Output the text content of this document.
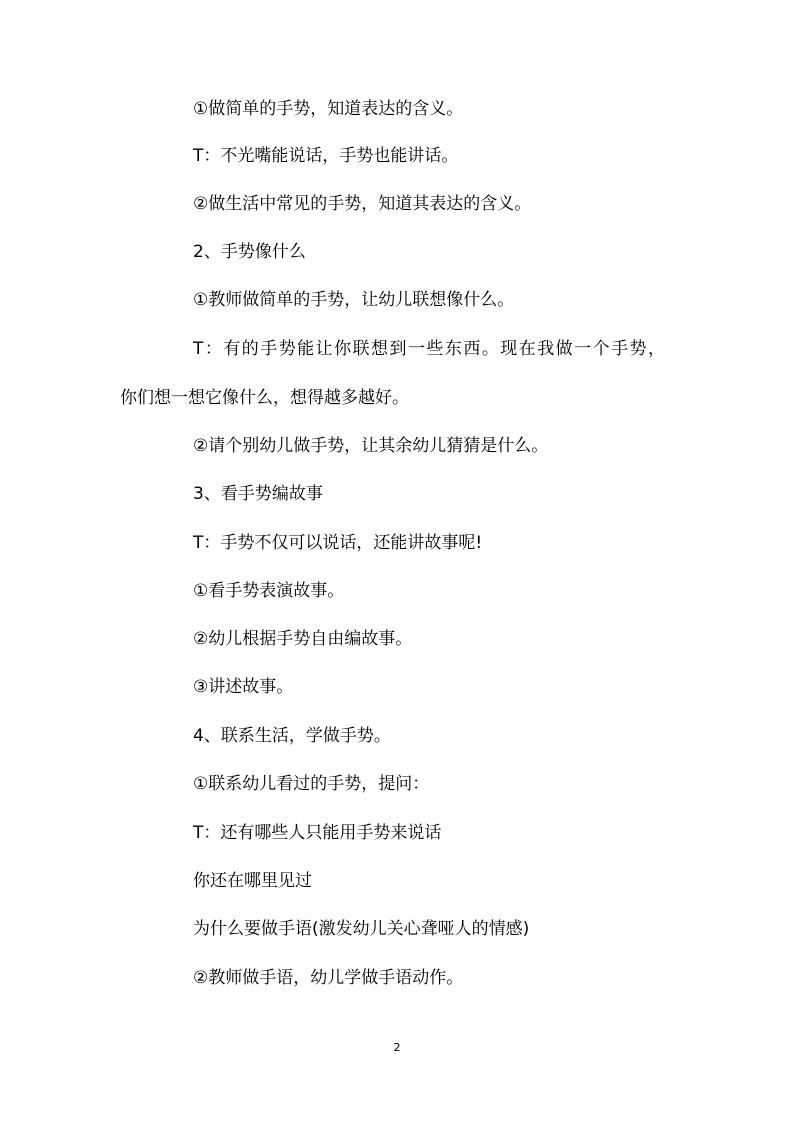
①做简单的手势，知道表达的含义。
T：不光嘴能说话，手势也能讲话。
②做生活中常见的手势，知道其表达的含义。
2、手势像什么
①教师做简单的手势，让幼儿联想像什么。
T：有的手势能让你联想到一些东西。现在我做一个手势，
你们想一想它像什么，想得越多越好。
②请个别幼儿做手势，让其余幼儿猜猜是什么。
3、看手势编故事
T：手势不仅可以说话，还能讲故事呢!
①看手势表演故事。
②幼儿根据手势自由编故事。
③讲述故事。
4、联系生活，学做手势。
①联系幼儿看过的手势，提问：
T：还有哪些人只能用手势来说话
你还在哪里见过
为什么要做手语(激发幼儿关心聋哑人的情感)
②教师做手语，幼儿学做手语动作。
2
